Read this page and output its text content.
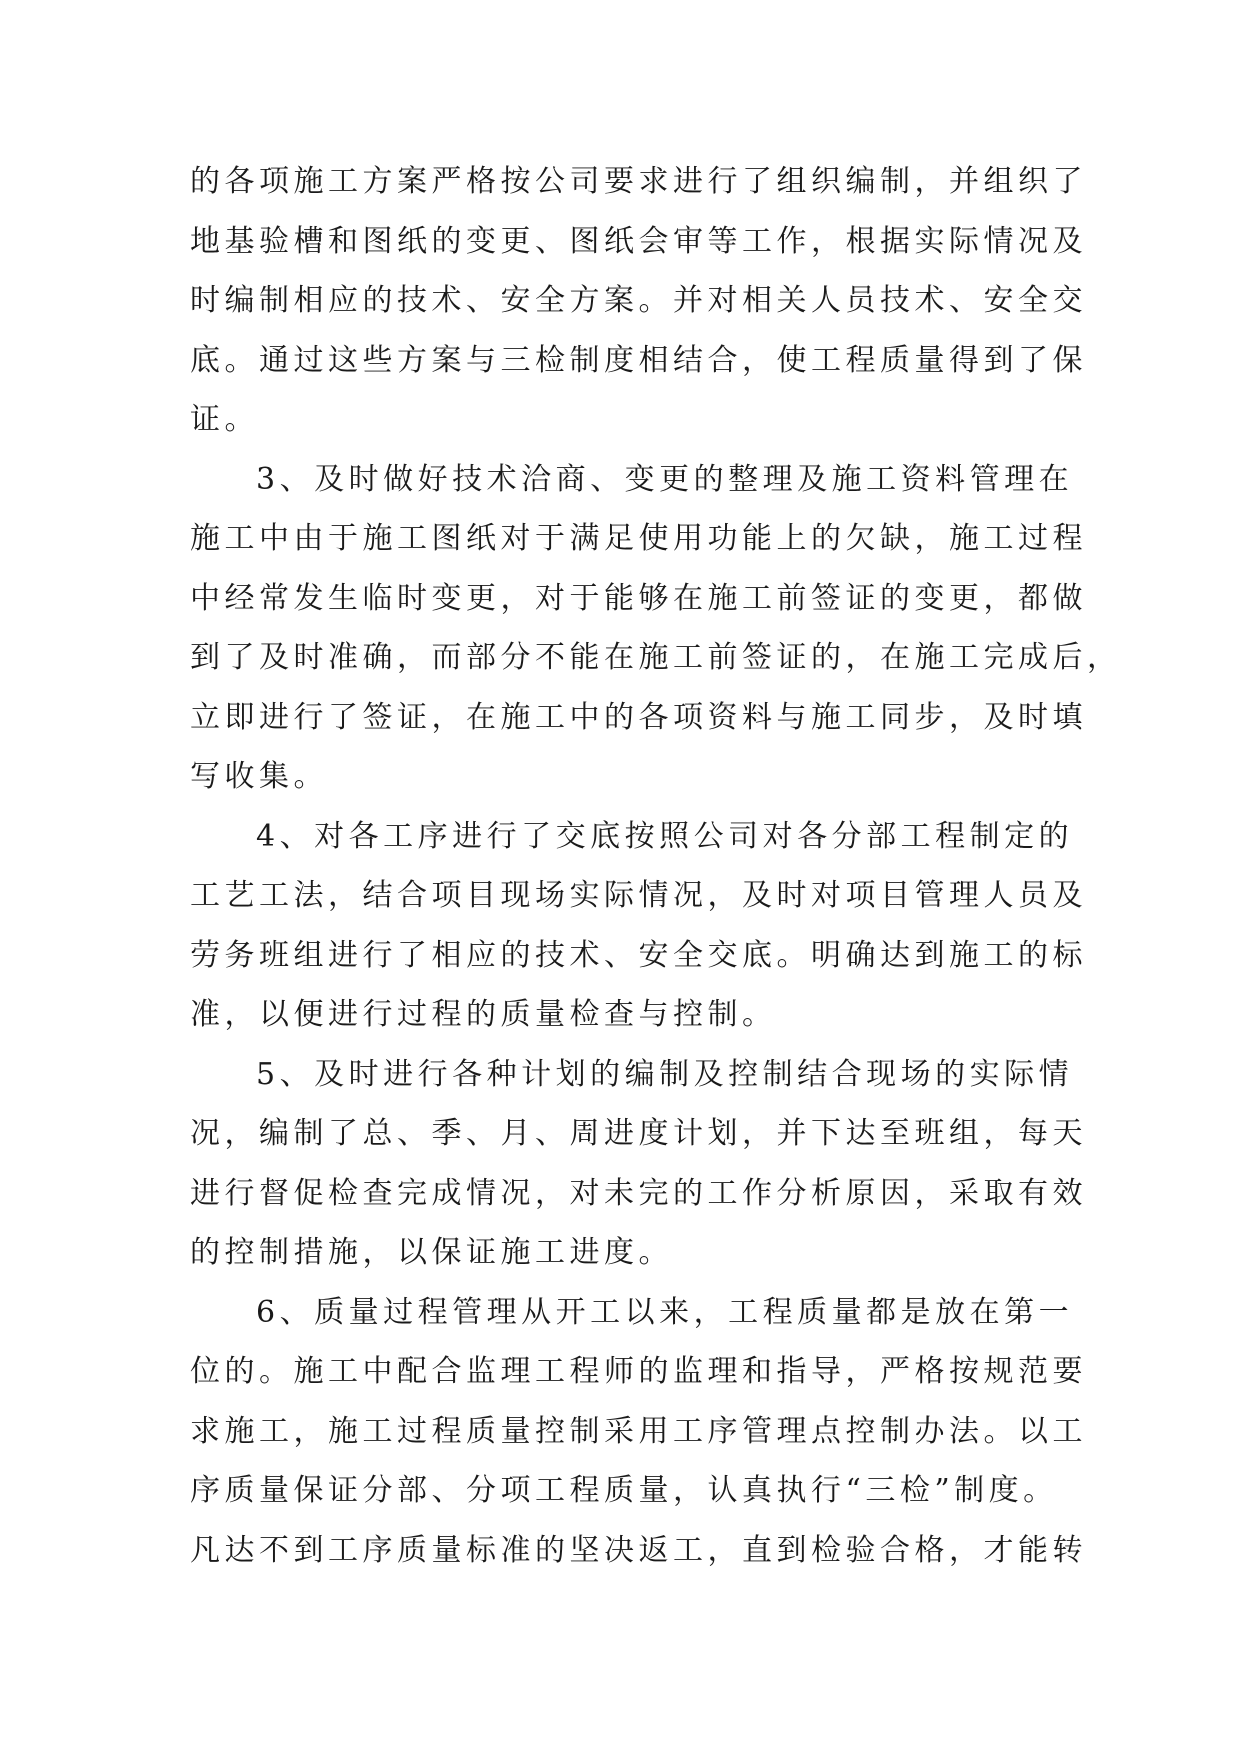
的各项施工方案严格按公司要求进行了组织编制，并组织了
地基验槽和图纸的变更、图纸会审等工作，根据实际情况及
时编制相应的技术、安全方案。并对相关人员技术、安全交
底。通过这些方案与三检制度相结合，使工程质量得到了保
证。
3、及时做好技术洽商、变更的整理及施工资料管理在
施工中由于施工图纸对于满足使用功能上的欠缺，施工过程
中经常发生临时变更，对于能够在施工前签证的变更，都做
到了及时准确，而部分不能在施工前签证的，在施工完成后，
立即进行了签证，在施工中的各项资料与施工同步，及时填
写收集。
4、对各工序进行了交底按照公司对各分部工程制定的
工艺工法，结合项目现场实际情况，及时对项目管理人员及
劳务班组进行了相应的技术、安全交底。明确达到施工的标
准，以便进行过程的质量检查与控制。
5、及时进行各种计划的编制及控制结合现场的实际情
况，编制了总、季、月、周进度计划，并下达至班组，每天
进行督促检查完成情况，对未完的工作分析原因，采取有效
的控制措施，以保证施工进度。
6、质量过程管理从开工以来，工程质量都是放在第一
位的。施工中配合监理工程师的监理和指导，严格按规范要
求施工，施工过程质量控制采用工序管理点控制办法。以工
序质量保证分部、分项工程质量，认真执行“三检”制度。
凡达不到工序质量标准的坚决返工，直到检验合格，才能转
